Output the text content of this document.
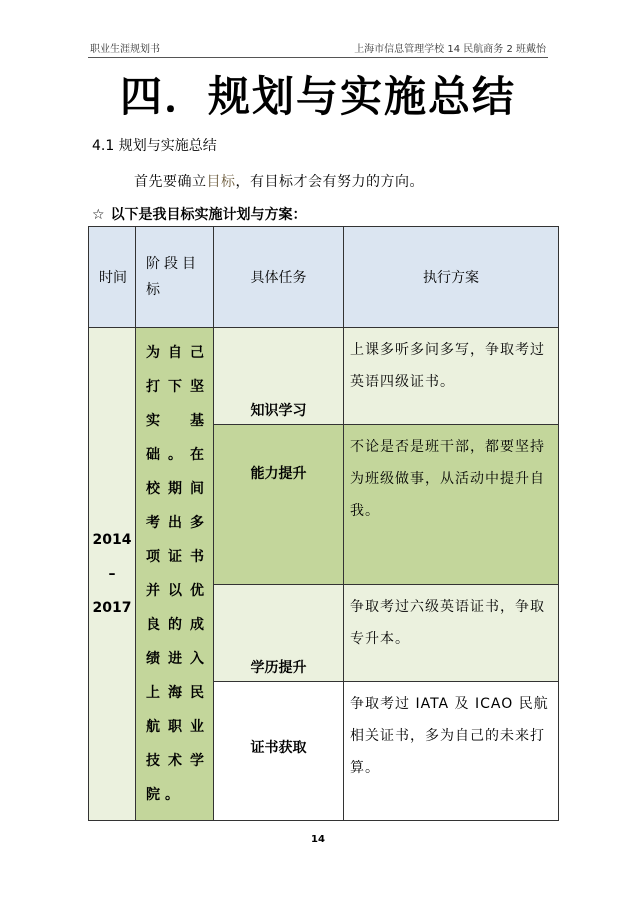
职业生涯规划书	上海市信息管理学校 14 民航商务 2 班戴怡
四．规划与实施总结
4.1 规划与实施总结
首先要确立目标，有目标才会有努力的方向。
☆ 以下是我目标实施计划与方案：
时间	阶段目标	具体任务	执行方案
2014 – 2017	为自己打下坚实基础。在校期间考出多项证书并以优良的成绩进入上海民航职业技术学院。	知识学习	上课多听多问多写，争取考过英语四级证书。
		能力提升	不论是否是班干部，都要坚持为班级做事，从活动中提升自我。
		学历提升	争取考过六级英语证书，争取专升本。
		证书获取	争取考过 IATA 及 ICAO 民航相关证书，多为自己的未来打算。
14
